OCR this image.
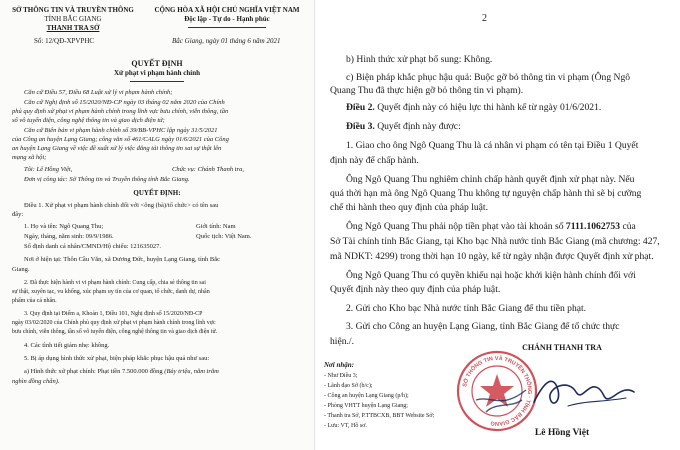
SỞ THÔNG TIN VÀ TRUYỀN THÔNG
TỈNH BẮC GIANG
THANH TRA SỞ
CỘNG HÒA XÃ HỘI CHỦ NGHĨA VIỆT NAM
Độc lập - Tự do - Hạnh phúc
Số: 12/QĐ-XPVPHC	Bắc Giang, ngày 01 tháng 6 năm 2021
QUYẾT ĐỊNH
Xử phạt vi phạm hành chính
Căn cứ Điều 57, Điều 68 Luật xử lý vi phạm hành chính;
Căn cứ Nghị định số 15/2020/NĐ-CP ngày 03 tháng 02 năm 2020 của Chính
phủ quy định xử phạt vi phạm hành chính trong lĩnh vực bưu chính, viễn thông, tần
số vô tuyến điện, công nghệ thông tin và giao dịch điện tử;
Căn cứ Biên bản vi phạm hành chính số 39/BB-VPHC lập ngày 31/5/2021
của Công an huyện Lạng Giang; công văn số 461/CALG ngày 01/6/2021 của Công
an huyện Lạng Giang về việc đề xuất xử lý việc đăng tải thông tin sai sự thật lên
mạng xã hội;
Tôi: Lê Hồng Việt,	Chức vụ: Chánh Thanh tra,
Đơn vị công tác: Sở Thông tin và Truyền thông tỉnh Bắc Giang.
QUYẾT ĐỊNH:
Điều 1. Xử phạt vi phạm hành chính đối với <ông (bà)/tổ chức> có tên sau
đây:
1. Họ và tên: Ngô Quang Thu;	Giới tính: Nam
Ngày, tháng, năm sinh: 09/9/1986.	Quốc tịch: Việt Nam.
Số định danh cá nhân/CMND/Hộ chiếu: 121635027.
Nơi ở hiện tại: Thôn Cầu Văn, xã Dương Đức, huyện Lạng Giang, tỉnh Bắc
Giang.
2. Đã thực hiện hành vi vi phạm hành chính: Cung cấp, chia sẻ thông tin sai
sự thật, xuyên tạc, vu khống, xúc phạm uy tín của cơ quan, tổ chức, danh dự, nhân
phẩm của cá nhân.
3. Quy định tại Điểm a, Khoản 1, Điều 101, Nghị định số 15/2020/NĐ-CP
ngày 03/02/2020 của Chính phủ quy định xử phạt vi phạm hành chính trong lĩnh vực
bưu chính, viễn thông, tần số vô tuyến điện, công nghệ thông tin và giao dịch điện tử.
4. Các tình tiết giảm nhẹ: không.
5. Bị áp dụng hình thức xử phạt, biện pháp khắc phục hậu quả như sau:
a) Hình thức xử phạt chính: Phạt tiền 7.500.000 đồng (Bảy triệu, năm trăm
nghìn đồng chẵn).
2
b) Hình thức xử phạt bổ sung: Không.
c) Biện pháp khắc phục hậu quả: Buộc gỡ bỏ thông tin vi phạm (Ông Ngô
Quang Thu đã thực hiện gỡ bỏ thông tin vi phạm).
Điều 2. Quyết định này có hiệu lực thi hành kể từ ngày 01/6/2021.
Điều 3. Quyết định này được:
1. Giao cho ông Ngô Quang Thu là cá nhân vi phạm có tên tại Điều 1 Quyết
định này để chấp hành.
Ông Ngô Quang Thu nghiêm chỉnh chấp hành quyết định xử phạt này. Nếu
quá thời hạn mà ông Ngô Quang Thu không tự nguyện chấp hành thì sẽ bị cưỡng
chế thi hành theo quy định của pháp luật.
Ông Ngô Quang Thu phải nộp tiền phạt vào tài khoản số 7111.1062753 của
Sở Tài chính tỉnh Bắc Giang, tại Kho bạc Nhà nước tỉnh Bắc Giang (mã chương: 427,
mã NDKT: 4299) trong thời hạn 10 ngày, kể từ ngày nhận được Quyết định xử phạt.
Ông Ngô Quang Thu có quyền khiếu nại hoặc khởi kiện hành chính đối với
Quyết định này theo quy định của pháp luật.
2. Gửi cho Kho bạc Nhà nước tỉnh Bắc Giang để thu tiền phạt.
3. Gửi cho Công an huyện Lạng Giang, tỉnh Bắc Giang để tổ chức thực
hiện./.
Nơi nhận:
- Như Điều 3;
- Lãnh đạo Sở (b/c);
- Công an huyện Lạng Giang (p/h);
- Phòng VHTT huyện Lạng Giang;
- Thanh tra Sở, P.TTBCXB, BBT Website Sở;
- Lưu: VT, Hồ sơ.
CHÁNH THANH TRA
SỞ THÔNG TIN VÀ TRUYỀN THÔNG · TỈNH BẮC GIANG
Lê Hồng Việt
